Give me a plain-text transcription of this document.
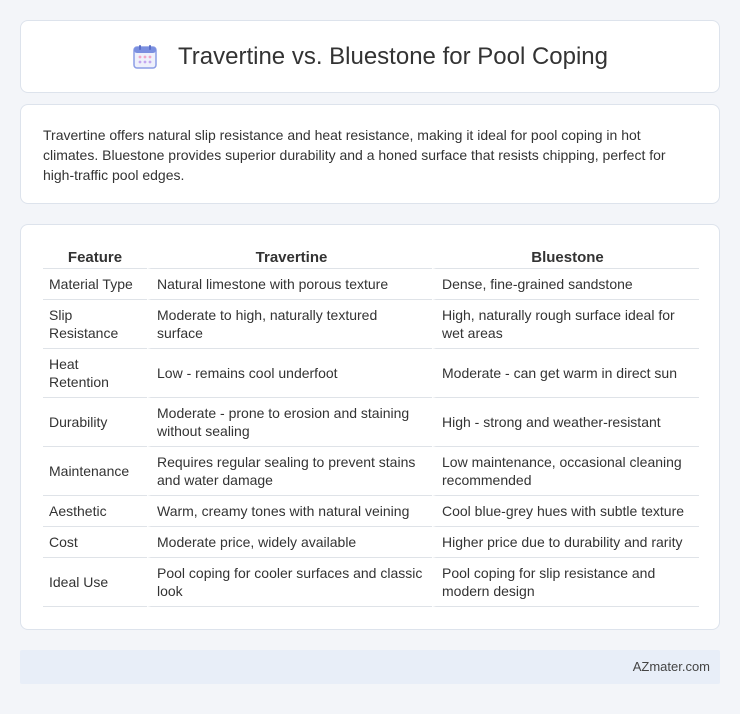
Travertine vs. Bluestone for Pool Coping

Travertine offers natural slip resistance and heat resistance, making it ideal for pool coping in hot climates. Bluestone provides superior durability and a honed surface that resists chipping, perfect for high-traffic pool edges.

Feature	Travertine	Bluestone
Material Type	Natural limestone with porous texture	Dense, fine-grained sandstone
Slip Resistance	Moderate to high, naturally textured surface	High, naturally rough surface ideal for wet areas
Heat Retention	Low - remains cool underfoot	Moderate - can get warm in direct sun
Durability	Moderate - prone to erosion and staining without sealing	High - strong and weather-resistant
Maintenance	Requires regular sealing to prevent stains and water damage	Low maintenance, occasional cleaning recommended
Aesthetic	Warm, creamy tones with natural veining	Cool blue-grey hues with subtle texture
Cost	Moderate price, widely available	Higher price due to durability and rarity
Ideal Use	Pool coping for cooler surfaces and classic look	Pool coping for slip resistance and modern design
AZmater.com
